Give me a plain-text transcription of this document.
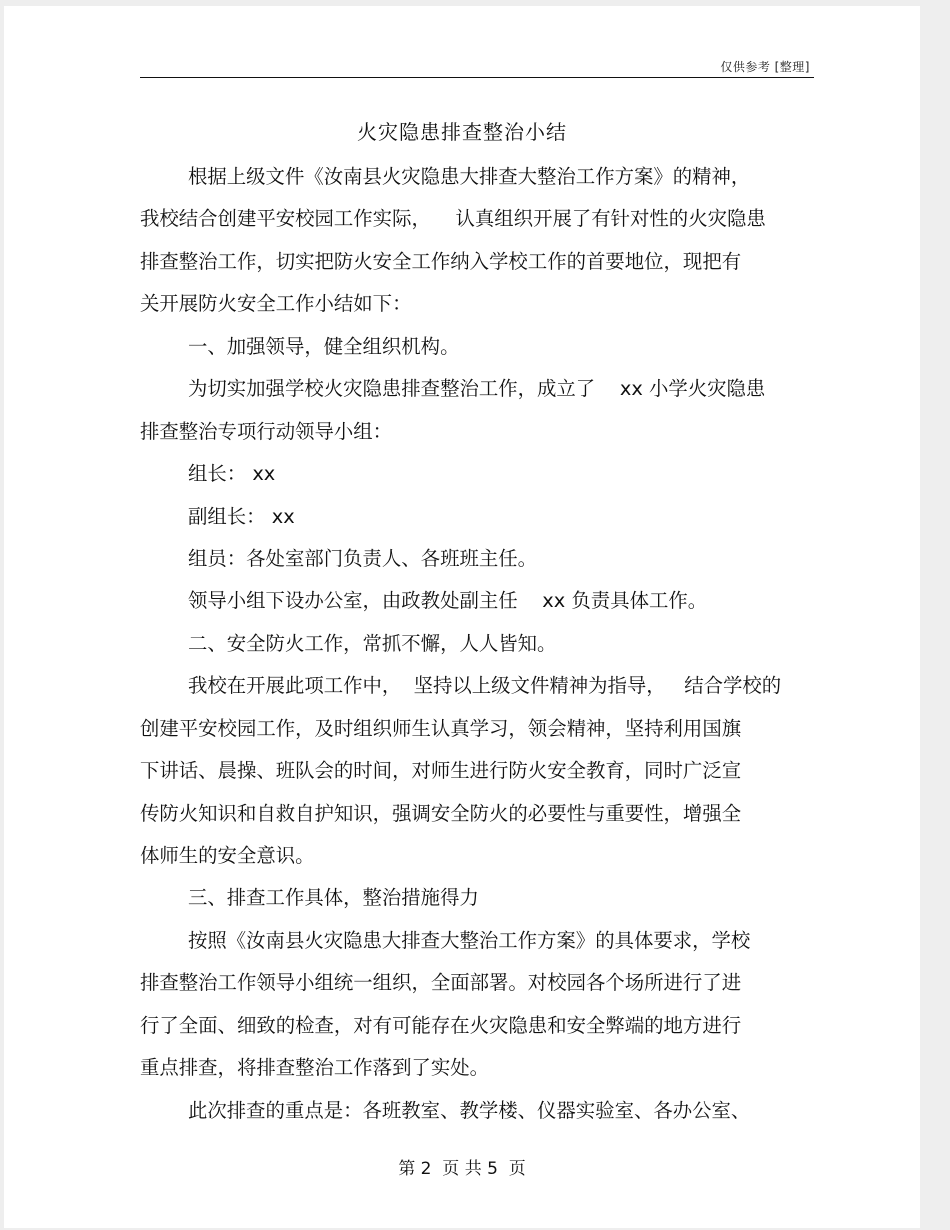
仅供参考 [整理]
火灾隐患排查整治小结
根据上级文件《汝南县火灾隐患大排查大整治工作方案》的精神，
我校结合创建平安校园工作实际，    认真组织开展了有针对性的火灾隐患
排查整治工作，切实把防火安全工作纳入学校工作的首要地位，现把有
关开展防火安全工作小结如下：
一、加强领导，健全组织机构。
为切实加强学校火灾隐患排查整治工作，成立了    xx 小学火灾隐患
排查整治专项行动领导小组：
组长： xx
副组长： xx
组员：各处室部门负责人、各班班主任。
领导小组下设办公室，由政教处副主任    xx 负责具体工作。
二、安全防火工作，常抓不懈，人人皆知。
我校在开展此项工作中，  坚持以上级文件精神为指导，   结合学校的
创建平安校园工作，及时组织师生认真学习，领会精神，坚持利用国旗
下讲话、晨操、班队会的时间，对师生进行防火安全教育，同时广泛宣
传防火知识和自救自护知识，强调安全防火的必要性与重要性，增强全
体师生的安全意识。
三、排查工作具体，整治措施得力
按照《汝南县火灾隐患大排查大整治工作方案》的具体要求，学校
排查整治工作领导小组统一组织，全面部署。对校园各个场所进行了进
行了全面、细致的检查，对有可能存在火灾隐患和安全弊端的地方进行
重点排查，将排查整治工作落到了实处。
此次排查的重点是：各班教室、教学楼、仪器实验室、各办公室、
第 2  页 共 5  页
